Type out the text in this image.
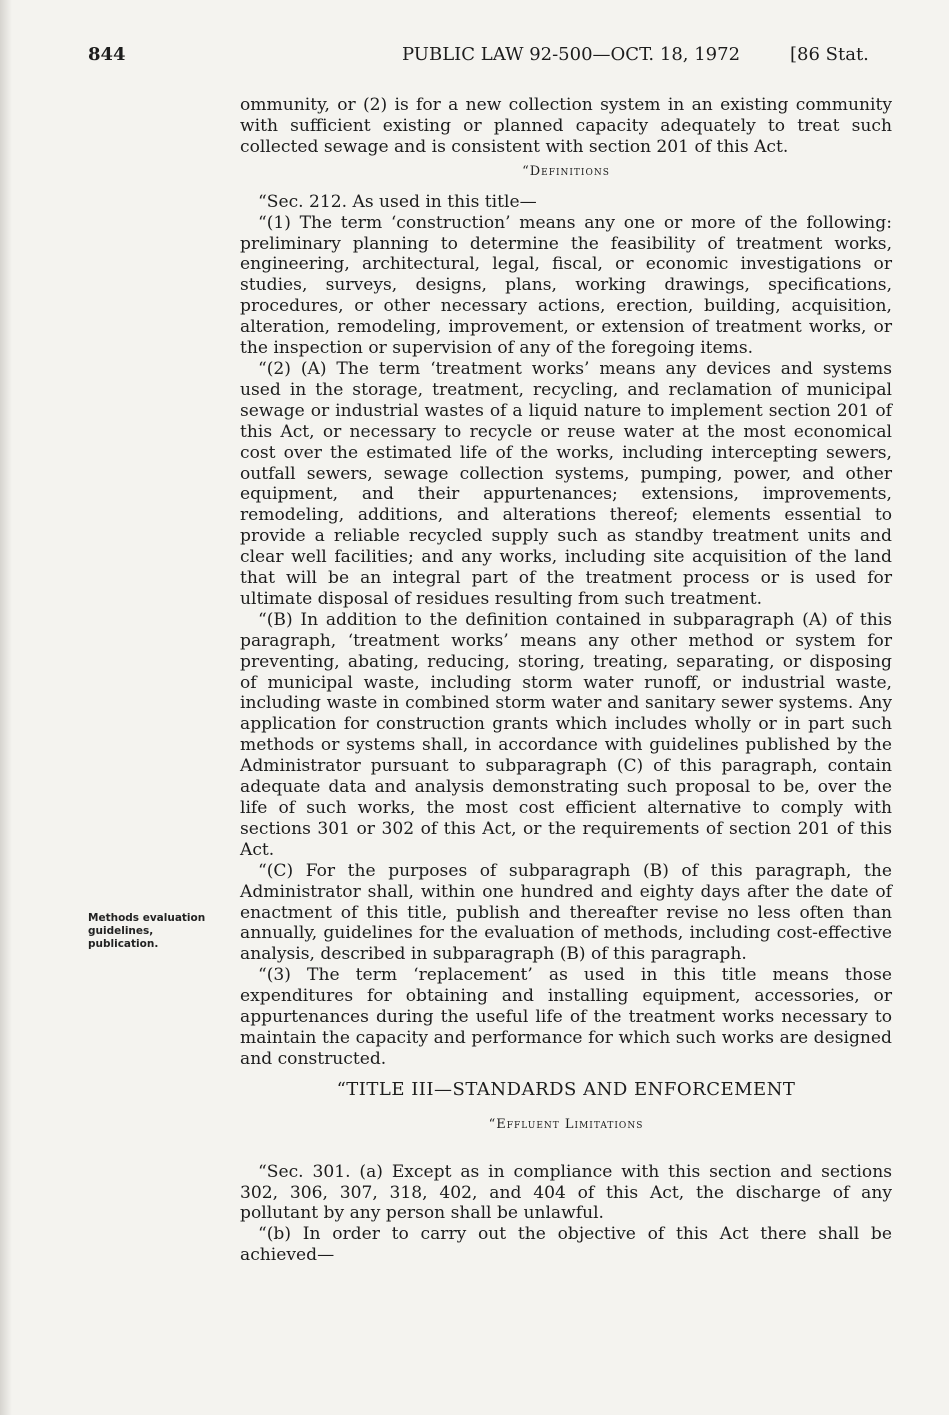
844	PUBLIC LAW 92-500—OCT. 18, 1972	[86 Stat.
Methods evaluation guidelines, publication.

ommunity, or (2) is for a new collection system in an existing community with sufficient existing or planned capacity adequately to treat such collected sewage and is consistent with section 201 of this Act.

“Definitions

“Sec. 212. As used in this title—

“(1) The term ‘construction’ means any one or more of the following: preliminary planning to determine the feasibility of treatment works, engineering, architectural, legal, fiscal, or economic investigations or studies, surveys, designs, plans, working drawings, specifications, procedures, or other necessary actions, erection, building, acquisition, alteration, remodeling, improvement, or extension of treatment works, or the inspection or supervision of any of the foregoing items.

“(2) (A) The term ‘treatment works’ means any devices and systems used in the storage, treatment, recycling, and reclamation of municipal sewage or industrial wastes of a liquid nature to implement section 201 of this Act, or necessary to recycle or reuse water at the most economical cost over the estimated life of the works, including intercepting sewers, outfall sewers, sewage collection systems, pumping, power, and other equipment, and their appurtenances; extensions, improvements, remodeling, additions, and alterations thereof; elements essential to provide a reliable recycled supply such as standby treatment units and clear well facilities; and any works, including site acquisition of the land that will be an integral part of the treatment process or is used for ultimate disposal of residues resulting from such treatment.

“(B) In addition to the definition contained in subparagraph (A) of this paragraph, ‘treatment works’ means any other method or system for preventing, abating, reducing, storing, treating, separating, or disposing of municipal waste, including storm water runoff, or industrial waste, including waste in combined storm water and sanitary sewer systems. Any application for construction grants which includes wholly or in part such methods or systems shall, in accordance with guidelines published by the Administrator pursuant to subparagraph (C) of this paragraph, contain adequate data and analysis demonstrating such proposal to be, over the life of such works, the most cost efficient alternative to comply with sections 301 or 302 of this Act, or the requirements of section 201 of this Act.

“(C) For the purposes of subparagraph (B) of this paragraph, the Administrator shall, within one hundred and eighty days after the date of enactment of this title, publish and thereafter revise no less often than annually, guidelines for the evaluation of methods, including cost-effective analysis, described in subparagraph (B) of this paragraph.

“(3) The term ‘replacement’ as used in this title means those expenditures for obtaining and installing equipment, accessories, or appurtenances during the useful life of the treatment works necessary to maintain the capacity and performance for which such works are designed and constructed.

“TITLE III—STANDARDS AND ENFORCEMENT

“Effluent Limitations

“Sec. 301. (a) Except as in compliance with this section and sections 302, 306, 307, 318, 402, and 404 of this Act, the discharge of any pollutant by any person shall be unlawful.

“(b) In order to carry out the objective of this Act there shall be achieved—
